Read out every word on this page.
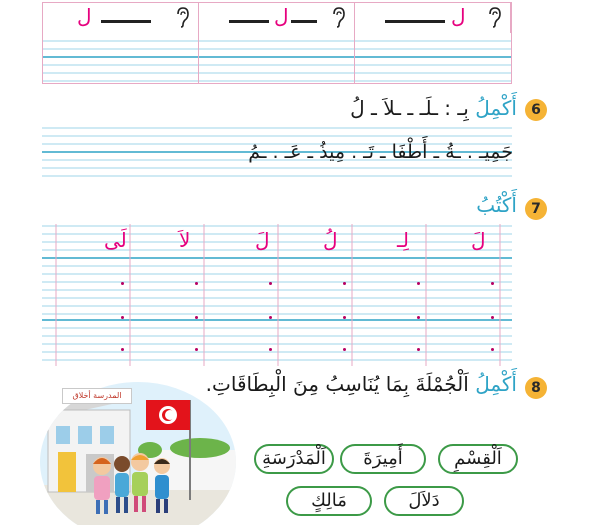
ل	ل	ل
6
أَكْمِلُ بِـ : ـلَـ ـ ـلاَ ـ لُ
جَمِيـ . ـةُ ـ أَطْفَا ـ تَـ . مِيذُ ـ عَـ . ـمُ
7
أَكْتُبُ
لَ
لِـ
لُ
لَ
لاَ
لَى
8
أَكْمِلُ اَلْجُمْلَةَ بِمَا يُنَاسِبُ مِنَ الْبِطَاقَاتِ.
المدرسة أخلاق
اَلْقِسْمِ
أَمِيرَةَ
اَلْمَدْرَسَةِ
دَلاَلَ
مَالِكٍ
